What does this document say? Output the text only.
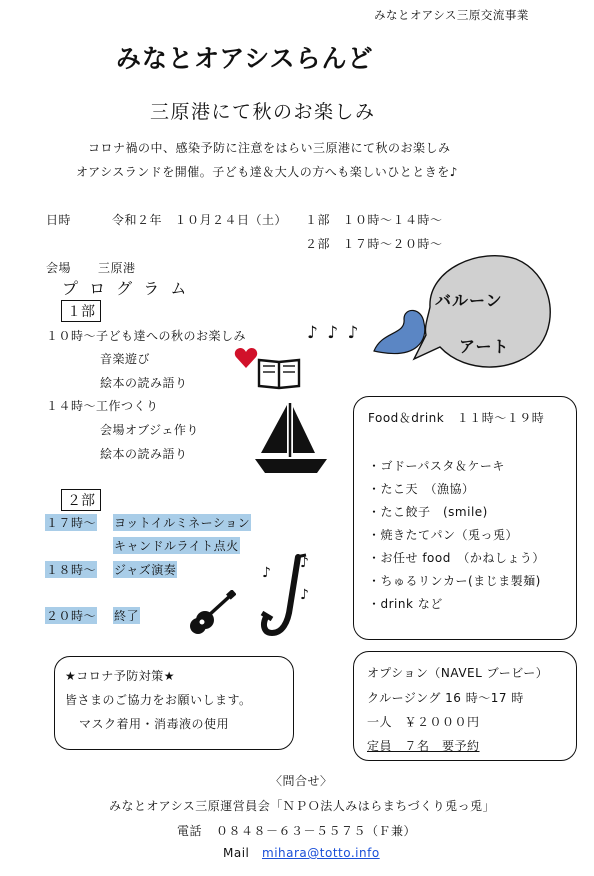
みなとオアシス三原交流事業
みなとオアシスらんど
三原港にて秋のお楽しみ
コロナ禍の中、感染予防に注意をはらい三原港にて秋のお楽しみ
オアシスランドを開催。子ども達＆大人の方へも楽しいひとときを♪
日時	令和２年　１０月２４日（土） １部　１０時～１４時～
２部　１７時～２０時～
会場 三原港
プ ロ グ ラ ム
１部
１０時～子ども達への秋のお楽しみ
音楽遊び
絵本の読み語り
１４時～工作つくり
会場オブジェ作り
絵本の読み語り
２部
１７時～ ヨットイルミネーション
キャンドルライト点火
１８時～ ジャズ演奏
２０時～ 終了
♪ ♪ ♪
バルーン
アート
Food＆drink　１１時～１９時
・ゴドーパスタ＆ケーキ
・たこ天　（漁協）
・たこ餃子　(smile)
・焼きたてパン（兎っ兎）
・お任せ food　（かねしょう）
・ちゅるリンカー(まじま製麺)
・drink など
♪
♪
♪
★コロナ予防対策★
皆さまのご協力をお願いします。
マスク着用・消毒液の使用
オプション（NAVEL ブービー）
クルージング 16 時～17 時
一人　￥２０００円
定員　７名　要予約
〈問合せ〉
みなとオアシス三原運営員会「ＮＰＯ法人みはらまちづくり兎っ兎」
電話 ０８４８－６３－５５７５（Ｆ兼）
Mail mihara@totto.info
